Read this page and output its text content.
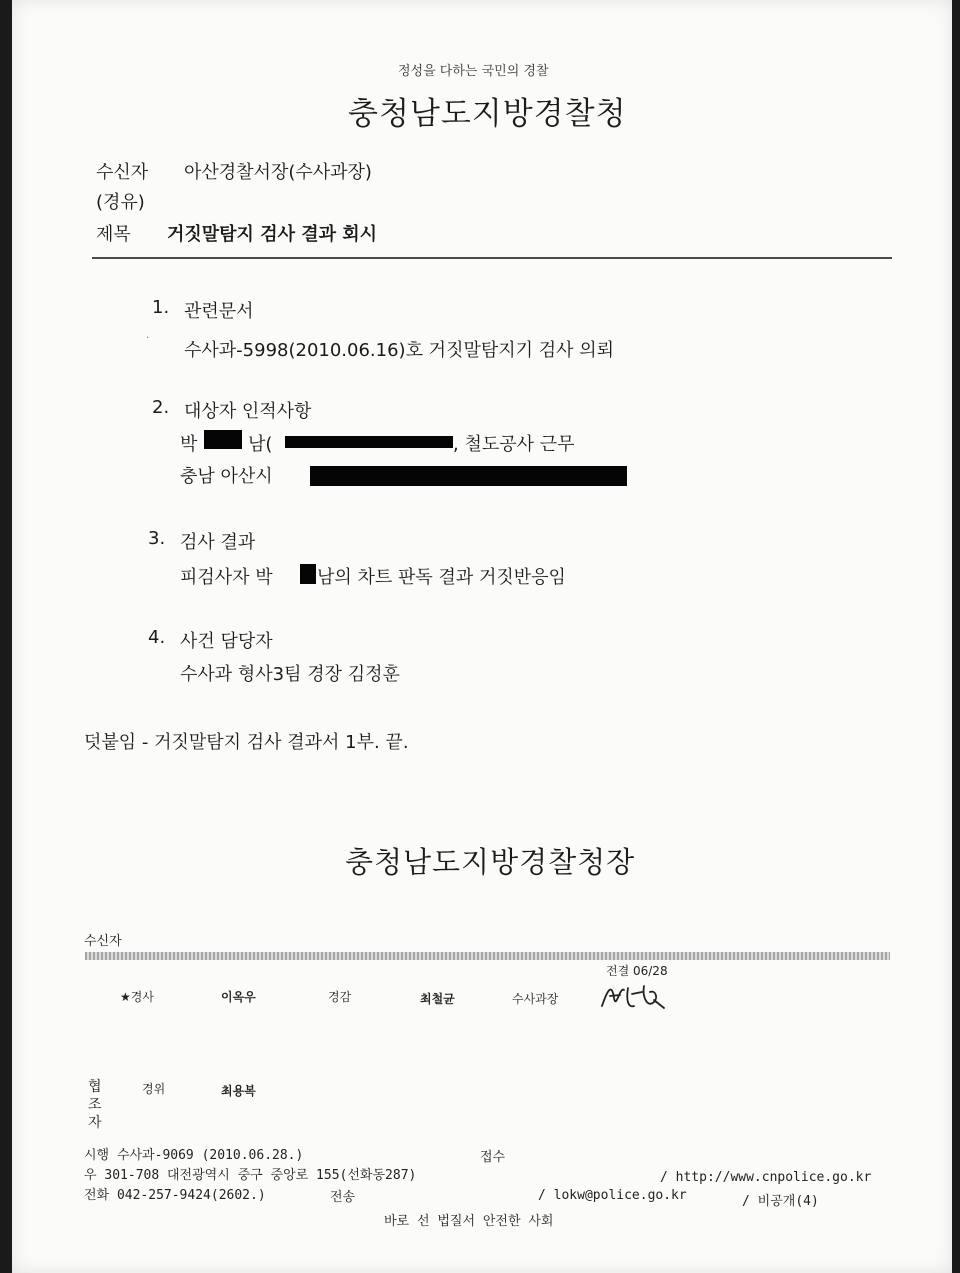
정성을 다하는 국민의 경찰
충청남도지방경찰청
수신자 아산경찰서장(수사과장)
(경유)
제목 거짓말탐지 검사 결과 회시
1. 관련문서
·
수사과-5998(2010.06.16)호 거짓말탐지기 검사 의뢰
2. 대상자 인적사항
박	남(	, 철도공사 근무
충남 아산시
3. 검사 결과
피검사자 박 남의 차트 판독 결과 거짓반응임
4. 사건 담당자
수사과 형사3팀 경장 김정훈
덧붙임 - 거짓말탐지 검사 결과서 1부. 끝.
충청남도지방경찰청장
수신자
전결 06/28
★경사	이옥우	경감	최철균	수사과장
협조자
경위	최용복
시행 수사과-9069 (2010.06.28.)	접수
우 301-708 대전광역시 중구 중앙로 155(선화동287)	/ http://www.cnpolice.go.kr
전화 042-257-9424(2602.)	전송	/ lokw@police.go.kr	/ 비공개(4)
바로 선 법질서 안전한 사회
